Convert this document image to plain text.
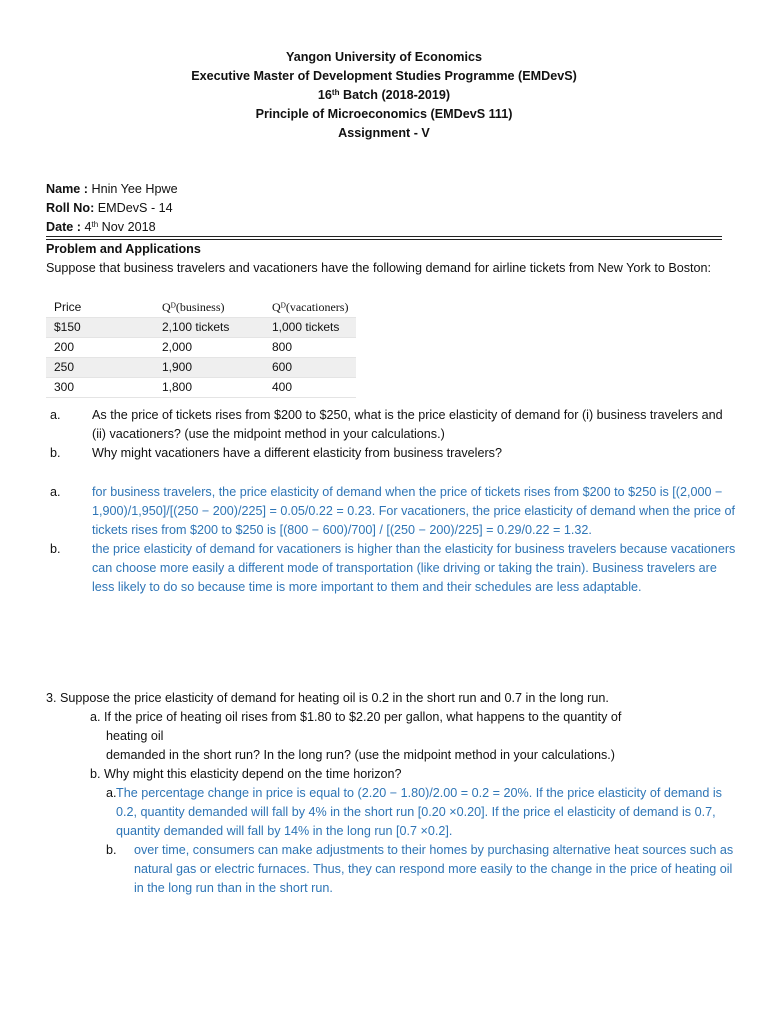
Yangon University of Economics
Executive Master of Development Studies Programme (EMDevS)
16th Batch (2018-2019)
Principle of Microeconomics (EMDevS 111)
Assignment - V
Name : Hnin Yee Hpwe
Roll No: EMDevS - 14
Date : 4th Nov 2018
Problem and Applications
Suppose that business travelers and vacationers have the following demand for airline tickets from New York to Boston:
Price	Qᴰ(business)	Qᴰ(vacationers)
$150	2,100 tickets	1,000 tickets
200	2,000	800
250	1,900	600
300	1,800	400
a. As the price of tickets rises from $200 to $250, what is the price elasticity of demand for (i) business travelers and (ii) vacationers? (use the midpoint method in your calculations.)
b. Why might vacationers have a different elasticity from business travelers?
a. for business travelers, the price elasticity of demand when the price of tickets rises from $200 to $250 is [(2,000 − 1,900)/1,950]/[(250 − 200)/225] = 0.05/0.22 = 0.23. For vacationers, the price elasticity of demand when the price of tickets rises from $200 to $250 is [(800 − 600)/700] / [(250 − 200)/225] = 0.29/0.22 = 1.32.
b. the price elasticity of demand for vacationers is higher than the elasticity for business travelers because vacationers can choose more easily a different mode of transportation (like driving or taking the train). Business travelers are less likely to do so because time is more important to them and their schedules are less adaptable.
3. Suppose the price elasticity of demand for heating oil is 0.2 in the short run and 0.7 in the long run.
a. If the price of heating oil rises from $1.80 to $2.20 per gallon, what happens to the quantity of
heating oil
demanded in the short run? In the long run? (use the midpoint method in your calculations.)
b. Why might this elasticity depend on the time horizon?
a. The percentage change in price is equal to (2.20 − 1.80)/2.00 = 0.2 = 20%. If the price elasticity of demand is 0.2, quantity demanded will fall by 4% in the short run [0.20 ×0.20]. If the price el elasticity of demand is 0.7, quantity demanded will fall by 14% in the long run [0.7 ×0.2].
b. over time, consumers can make adjustments to their homes by purchasing alternative heat sources such as natural gas or electric furnaces. Thus, they can respond more easily to the change in the price of heating oil in the long run than in the short run.
